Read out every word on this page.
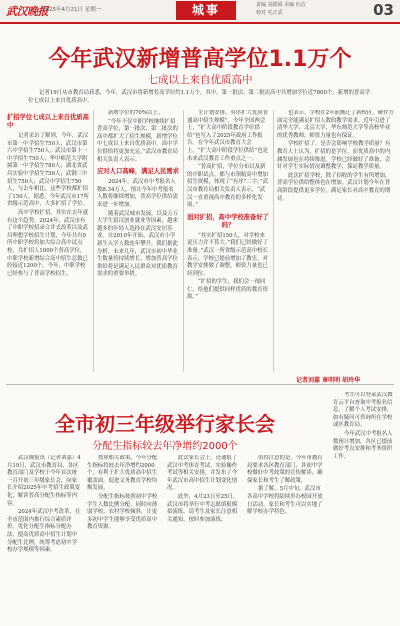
武汉晚报
2025年4月21日 星期一	城事	责编 刘娟娟 美编 杜洁
校对 毛正武	03
今年武汉新增普高学位1.1万个
七成以上来自优质高中
记者19日从市教育局获悉，今年，武汉市将新增普高学位约1.1万个，其中，第一批次、第二批次高中共增加学位近7800个，新增的普高学位七成以上来自优质高中。
扩招学位七成以上来自优质高中

记者采访了解到，今年，武汉市第一中学招生750人；武汉市第六中学招生750人；武汉市第十一中学招生750人；华中师范大学附属第一中学招生780人；湖北省武昌实验中学招生750人；武钢三中招生750人；武汉中学招生750人，与去年相比，这些学校都扩招了150人。据悉，今年武汉市17所省级示范高中，大多扩招了学位。

高中学校扩招，其实在去年就有这个趋势。2024年，武汉市有了中职学校招录合并式改革以及武昌理想学校招生计划，今年共有9所中职学校将加大综合高中试点校，共扩招人1000个普高学位，中职学校新增综合高中招生总数已经接近1200个。今年，中职学校已经参与了普高学校招生，

新增学位的70%以上。

“今年不仅中职学校继续扩招普高学位，第一批次、第二批次的高中都扩大了招生规模，新增学位中七成以上来自优质高中。高中学位供给将更加充足。”武汉市教育局相关负责人表示。

应对人口高峰，满足人民需求

2024年，武汉市中考报名人数8.34万人，预计今年中考报名人数将继续增加，普高学位供给需求进一步增加。

随着武汉城市发展，以及万万大学生留汉创业就业等因素，越来越多的年轻人选择在武汉安居乐业。自2010年开始，武汉市小学新生入学人数连年攀升。我们据此分析，未来几年，武汉市初中毕业生数量将持续增长，增加普高学位供给将是满足人民群众对优质教育需求的重要举措。

生计划安排，有序扩大优质普通高中招生规模”。今年全国两会上，“扩大高中阶段教育学位供给”也写入了2025年政府工作报告。在今年武汉市教育大会上，“扩大高中阶段学位供给”也是未来武汉教育工作重点之一。

“普高扩招，学位分布以及新的中职试点，都与市领航高中增加招生规模，体现了“有序”二字。”武汉市教育局相关负责人表示，“武汉一直重视高中教育的多样化发展，”

面对扩招，高中学校准备好了吗？

“其实扩招150人，对学校来说压力并不算大。”我们已经做好了准备。”武汉一所省级示范高中校长表示，学校已提前增加了教室，对教学安排做了调整，师资力量也已经到位。

“扩招的学生，我们会一视同仁，给他们提供同样优质的教育资源。”

也表示，学校在2年前搬迁了新校区，硬件方面完全能满足扩招人数的教学需求。近年引进了清华大学、北京大学、华东师范大学等高校毕业的优秀教师，师资力量也有保证。

学校扩招了，是否会影响学校教学质量？有教育人士认为，扩招的是学位，而优质高中的内涵发展也在持续推进。学校已经做好了准备，会针对学生实际情况调整教学，保证教学质量。

此次扩招学校，除了招收的学生有所增加，普高学位供给整体也在增加。武汉计划今年在普高阶段提供更多学位，满足家长对高中教育的期待。

记者刘嘉 章明明 胡玲华
全市初三年级举行家长会
分配生指标较去年净增约2000个

武汉晚报讯（记者刘嘉）4月19日，武汉市教育局、各区教育部门及学校于今年首次统一召开初三年级家长会，向家长介绍2025年中考招生政策变化，解读普高分配生指标等内容。

2024年武汉中考改革，在全市范围内推行综合素质评价，优化分配生指标分配办法，提高优质高中招生计划中分配生比例，统筹考虑初中学校办学规模等因素。

按照相关政策，今年分配生指标将较去年净增约2000个，有利于扩大优质高中招生覆盖面，促进义务教育学校均衡发展。

分配生指标按照初中学校学生人数比例分配，同时向薄弱学校、农村学校倾斜，让更多初中学生能够享受优质高中教育资源。

此次家长会上，还通报了武汉中考体育考试、实验操作考试等相关安排，并发布了今年武汉市高中招生计划变化情况。

此外，4月23日至25日，武汉市将举行中考志愿填报模拟演练，请考生及家长注意相关通知，按时参加演练。

值得注意的是，今年市教育局要求各区教育部门、各初中学校做好中考政策的宣传解读，确保家长和考生了解政策。

据了解，5月中旬，武汉市各高中学校将陆续举办校园开放日活动，家长和考生可以实地了解学校办学特色。

考生可以登录武汉教育云平台查询中考报名信息，了解个人考试安排，如有疑问可咨询所在学校或区教育局。

今年武汉中考报名人数预计增加，各区已提前做好考点安排和考务组织工作。
